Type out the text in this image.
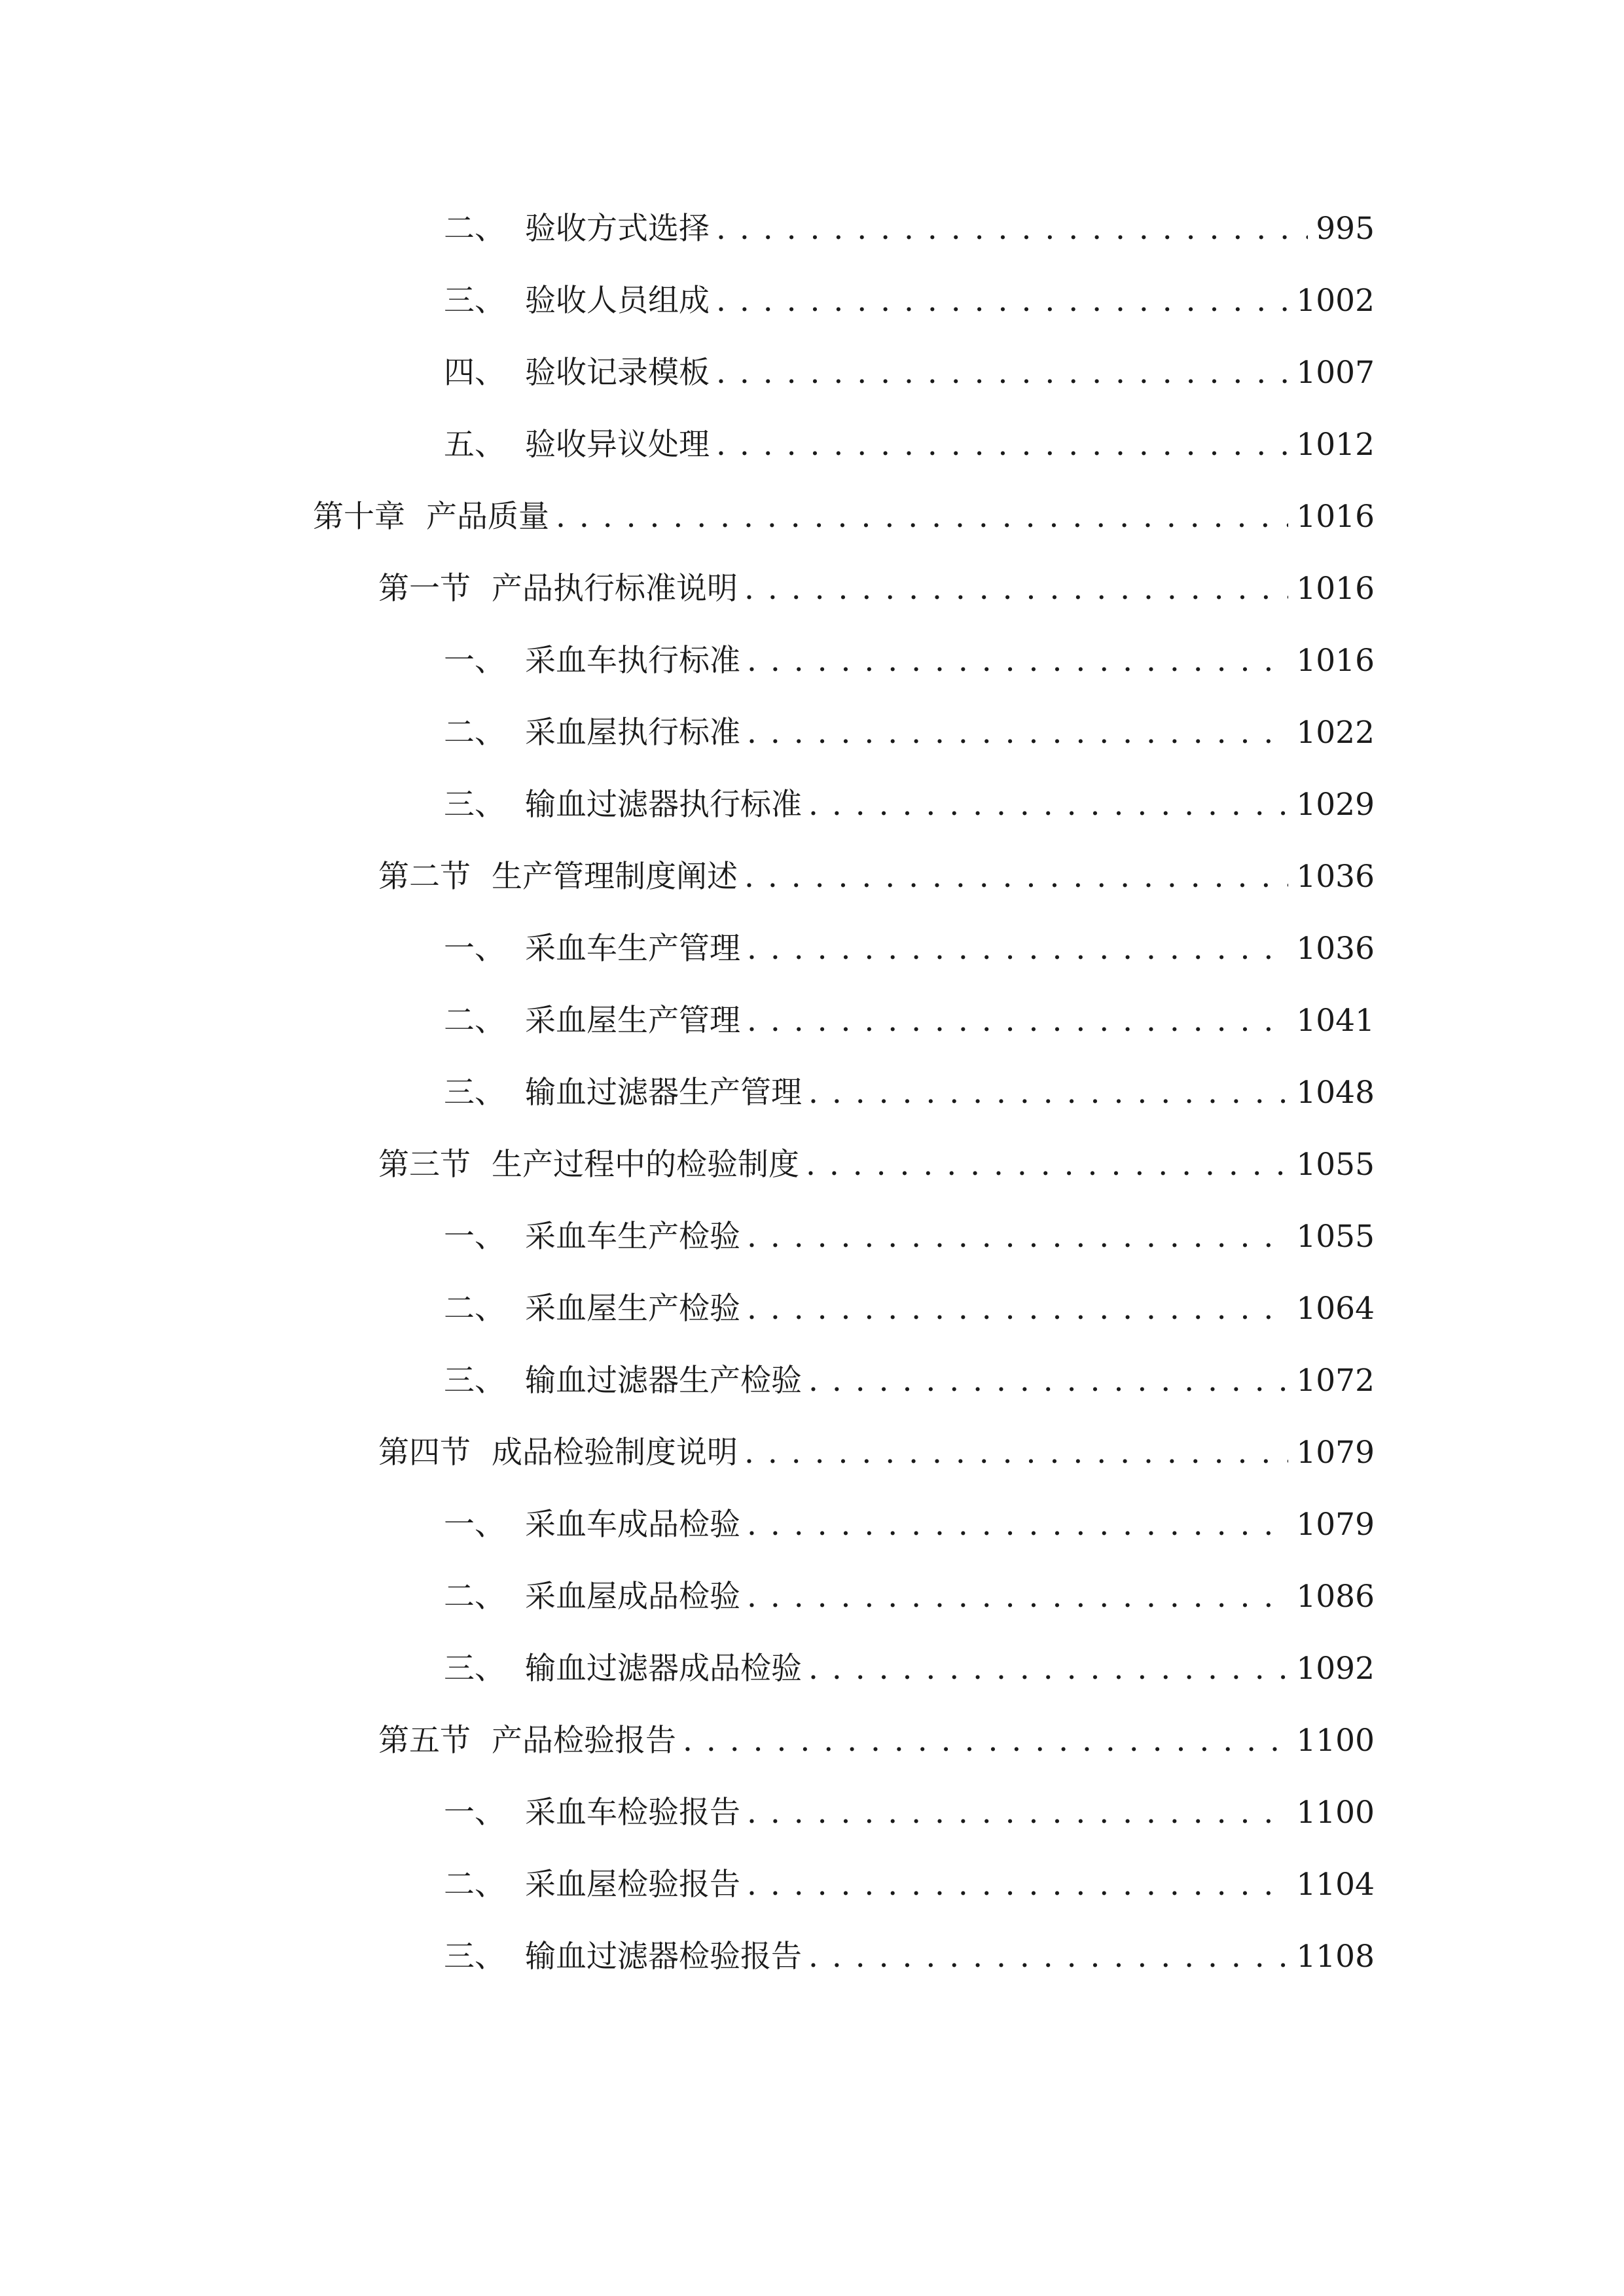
二、 验收方式选择 . . .	995
三、 验收人员组成 . . .	1002
四、 验收记录模板 . . .	1007
五、 验收异议处理 . . .	1012
第十章 产品质量 . . .	1016
第一节 产品执行标准说明 . . .	1016
一、 采血车执行标准 . . .	1016
二、 采血屋执行标准 . . .	1022
三、 输血过滤器执行标准 . . .	1029
第二节 生产管理制度阐述 . . .	1036
一、 采血车生产管理 . . .	1036
二、 采血屋生产管理 . . .	1041
三、 输血过滤器生产管理 . . .	1048
第三节 生产过程中的检验制度 . . .	1055
一、 采血车生产检验 . . .	1055
二、 采血屋生产检验 . . .	1064
三、 输血过滤器生产检验 . . .	1072
第四节 成品检验制度说明 . . .	1079
一、 采血车成品检验 . . .	1079
二、 采血屋成品检验 . . .	1086
三、 输血过滤器成品检验 . . .	1092
第五节 产品检验报告 . . .	1100
一、 采血车检验报告 . . .	1100
二、 采血屋检验报告 . . .	1104
三、 输血过滤器检验报告 . . .	1108
